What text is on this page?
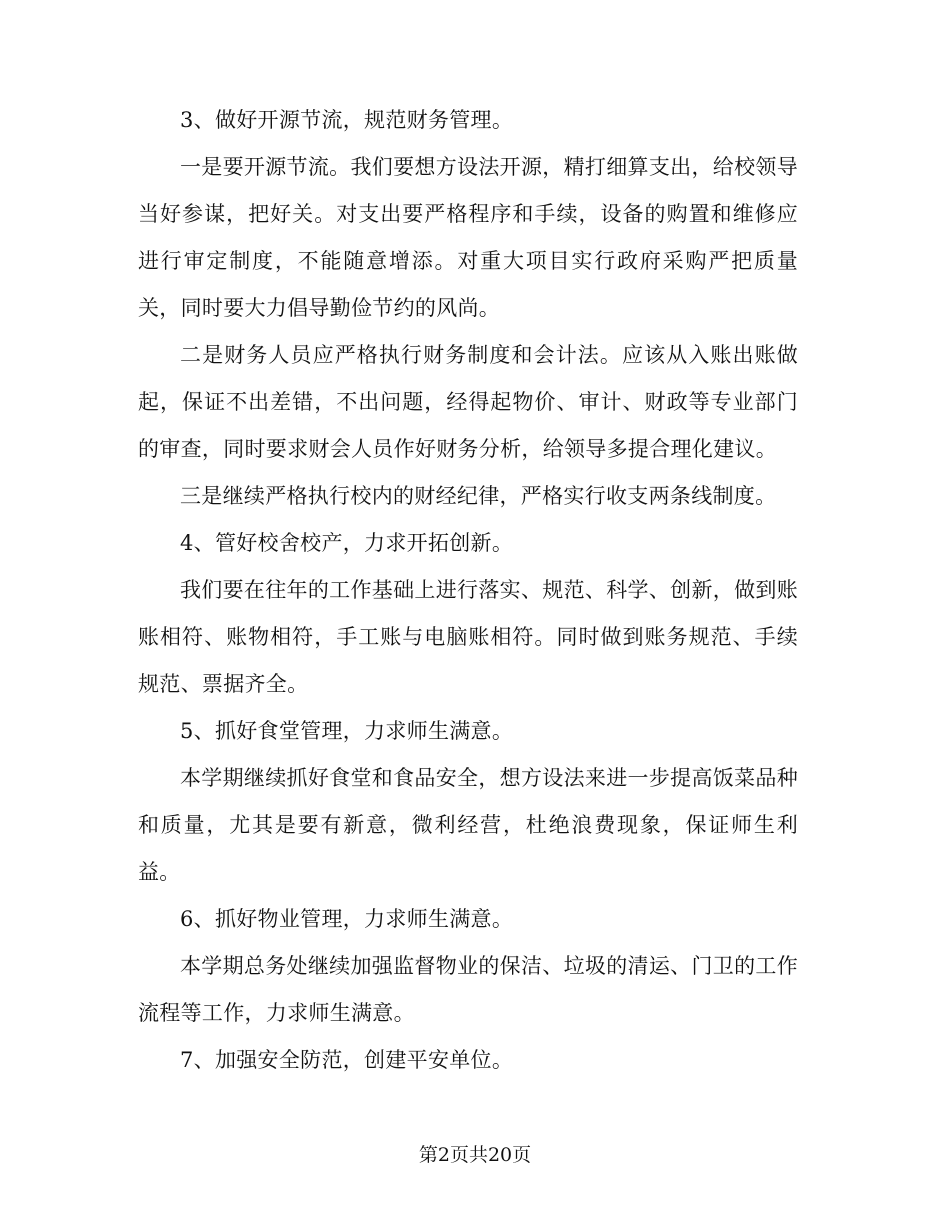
3、做好开源节流，规范财务管理。

一是要开源节流。我们要想方设法开源，精打细算支出，给校领导当好参谋，把好关。对支出要严格程序和手续，设备的购置和维修应进行审定制度，不能随意增添。对重大项目实行政府采购严把质量关，同时要大力倡导勤俭节约的风尚。

二是财务人员应严格执行财务制度和会计法。应该从入账出账做起，保证不出差错，不出问题，经得起物价、审计、财政等专业部门的审查，同时要求财会人员作好财务分析，给领导多提合理化建议。

三是继续严格执行校内的财经纪律，严格实行收支两条线制度。

4、管好校舍校产，力求开拓创新。

我们要在往年的工作基础上进行落实、规范、科学、创新，做到账账相符、账物相符，手工账与电脑账相符。同时做到账务规范、手续规范、票据齐全。

5、抓好食堂管理，力求师生满意。

本学期继续抓好食堂和食品安全，想方设法来进一步提高饭菜品种和质量，尤其是要有新意，微利经营，杜绝浪费现象，保证师生利益。

6、抓好物业管理，力求师生满意。

本学期总务处继续加强监督物业的保洁、垃圾的清运、门卫的工作流程等工作，力求师生满意。

7、加强安全防范，创建平安单位。

第2页共20页
